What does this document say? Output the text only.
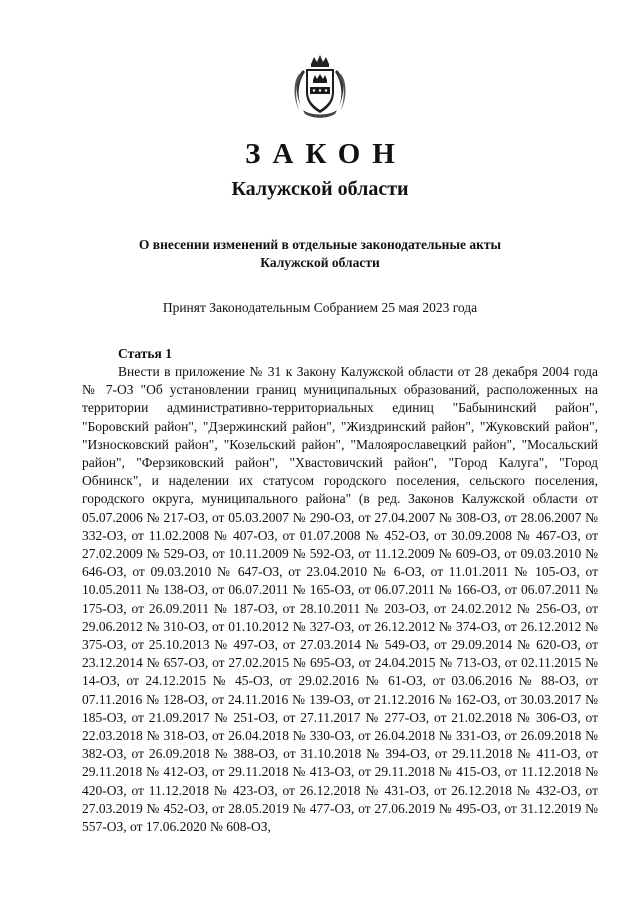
ЗАКОН
Калужской области
О внесении изменений в отдельные законодательные акты
Калужской области
Принят Законодательным Собранием 25 мая 2023 года
Статья 1
Внести в приложение № 31 к Закону Калужской области от 28 декабря 2004 года № 7-ОЗ "Об установлении границ муниципальных образований, расположенных на территории административно-территориальных единиц "Бабынинский район", "Боровский район", "Дзержинский район", "Жиздринский район", "Жуковский район", "Износковский район", "Козельский район", "Малоярославецкий район", "Мосальский район", "Ферзиковский район", "Хвастовичский район", "Город Калуга", "Город Обнинск", и наделении их статусом городского поселения, сельского поселения, городского округа, муниципального района" (в ред. Законов Калужской области от 05.07.2006 № 217-ОЗ, от 05.03.2007 № 290-ОЗ, от 27.04.2007 № 308-ОЗ, от 28.06.2007 № 332-ОЗ, от 11.02.2008 № 407-ОЗ, от 01.07.2008 № 452-ОЗ, от 30.09.2008 № 467-ОЗ, от 27.02.2009 № 529-ОЗ, от 10.11.2009 № 592-ОЗ, от 11.12.2009 № 609-ОЗ, от 09.03.2010 № 646-ОЗ, от 09.03.2010 № 647-ОЗ, от 23.04.2010 № 6-ОЗ, от 11.01.2011 № 105-ОЗ, от 10.05.2011 № 138-ОЗ, от 06.07.2011 № 165-ОЗ, от 06.07.2011 № 166-ОЗ, от 06.07.2011 № 175-ОЗ, от 26.09.2011 № 187-ОЗ, от 28.10.2011 № 203-ОЗ, от 24.02.2012 № 256-ОЗ, от 29.06.2012 № 310-ОЗ, от 01.10.2012 № 327-ОЗ, от 26.12.2012 № 374-ОЗ, от 26.12.2012 № 375-ОЗ, от 25.10.2013 № 497-ОЗ, от 27.03.2014 № 549-ОЗ, от 29.09.2014 № 620-ОЗ, от 23.12.2014 № 657-ОЗ, от 27.02.2015 № 695-ОЗ, от 24.04.2015 № 713-ОЗ, от 02.11.2015 № 14-ОЗ, от 24.12.2015 № 45-ОЗ, от 29.02.2016 № 61-ОЗ, от 03.06.2016 № 88-ОЗ, от 07.11.2016 № 128-ОЗ, от 24.11.2016 № 139-ОЗ, от 21.12.2016 № 162-ОЗ, от 30.03.2017 № 185-ОЗ, от 21.09.2017 № 251-ОЗ, от 27.11.2017 № 277-ОЗ, от 21.02.2018 № 306-ОЗ, от 22.03.2018 № 318-ОЗ, от 26.04.2018 № 330-ОЗ, от 26.04.2018 № 331-ОЗ, от 26.09.2018 № 382-ОЗ, от 26.09.2018 № 388-ОЗ, от 31.10.2018 № 394-ОЗ, от 29.11.2018 № 411-ОЗ, от 29.11.2018 № 412-ОЗ, от 29.11.2018 № 413-ОЗ, от 29.11.2018 № 415-ОЗ, от 11.12.2018 № 420-ОЗ, от 11.12.2018 № 423-ОЗ, от 26.12.2018 № 431-ОЗ, от 26.12.2018 № 432-ОЗ, от 27.03.2019 № 452-ОЗ, от 28.05.2019 № 477-ОЗ, от 27.06.2019 № 495-ОЗ, от 31.12.2019 № 557-ОЗ, от 17.06.2020 № 608-ОЗ,
